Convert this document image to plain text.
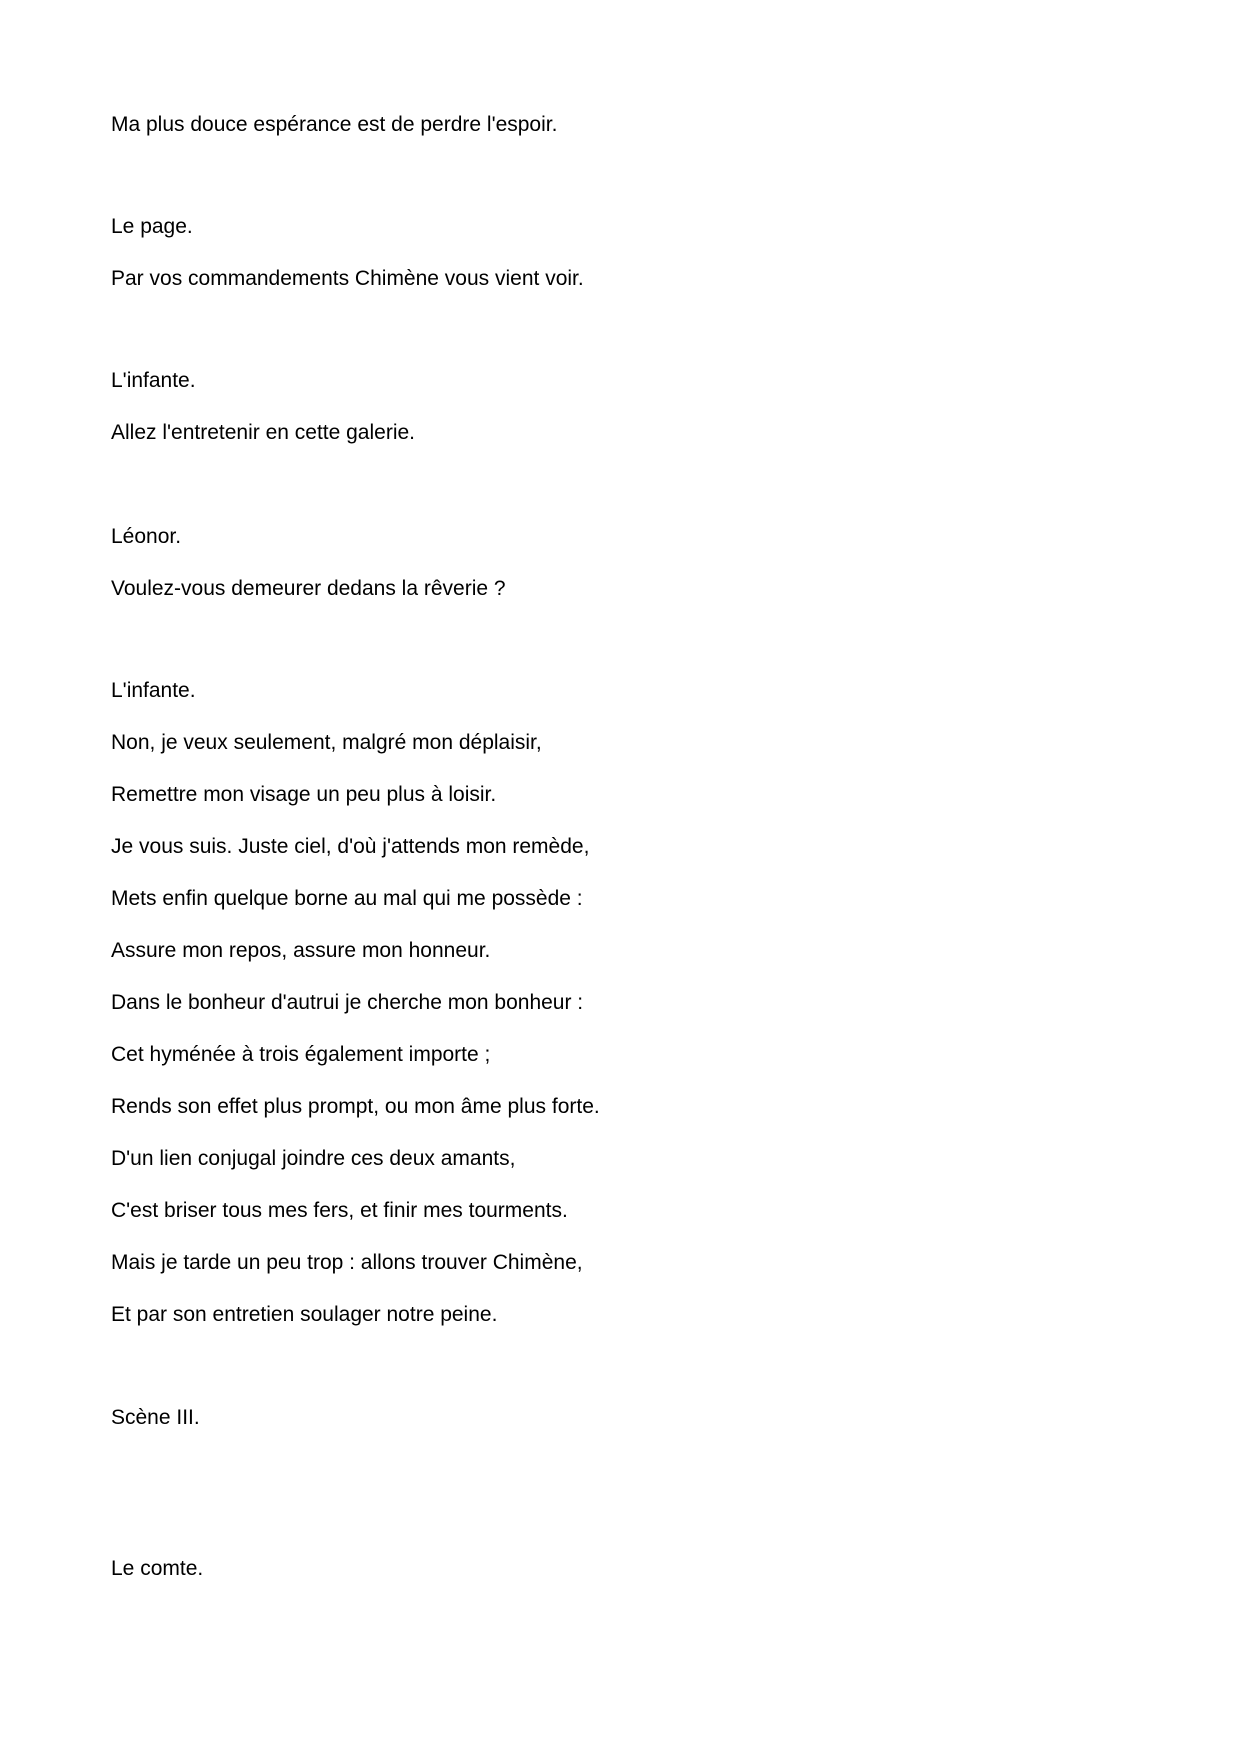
Ma plus douce espérance est de perdre l'espoir.

Le page.

Par vos commandements Chimène vous vient voir.

L'infante.

Allez l'entretenir en cette galerie.

Léonor.

Voulez-vous demeurer dedans la rêverie ?

L'infante.

Non, je veux seulement, malgré mon déplaisir,

Remettre mon visage un peu plus à loisir.

Je vous suis. Juste ciel, d'où j'attends mon remède,

Mets enfin quelque borne au mal qui me possède :

Assure mon repos, assure mon honneur.

Dans le bonheur d'autrui je cherche mon bonheur :

Cet hyménée à trois également importe ;

Rends son effet plus prompt, ou mon âme plus forte.

D'un lien conjugal joindre ces deux amants,

C'est briser tous mes fers, et finir mes tourments.

Mais je tarde un peu trop : allons trouver Chimène,

Et par son entretien soulager notre peine.

Scène III.

Le comte.
